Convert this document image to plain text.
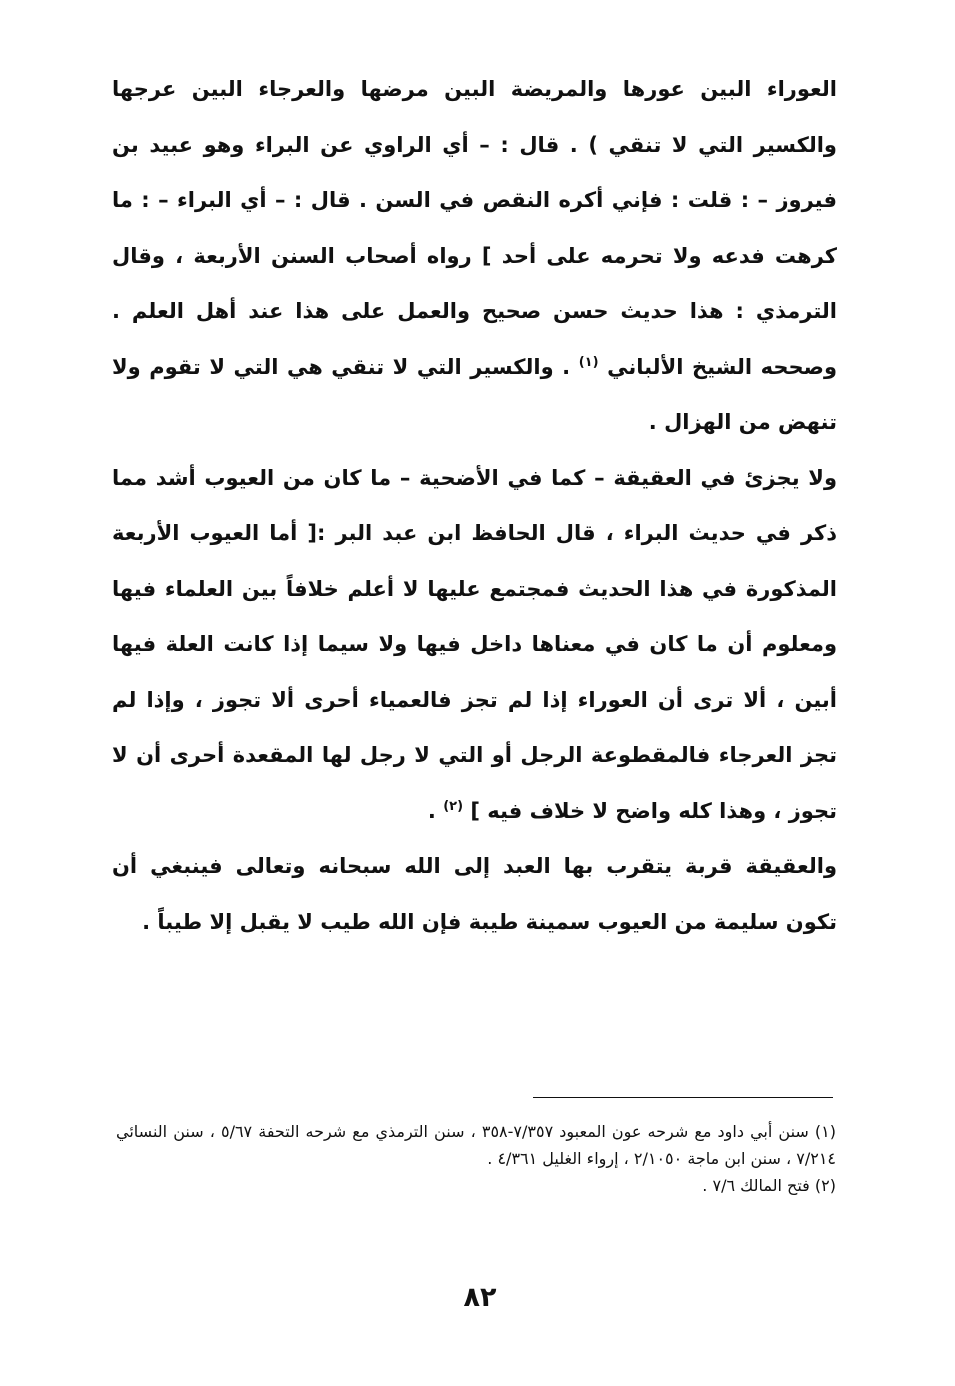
العوراء البين عورها والمريضة البين مرضها والعرجاء البين عرجها والكسير التي لا تنقي ) . قال : – أي الراوي عن البراء وهو عبيد بن فيروز – : قلت : فإني أكره النقص في السن . قال : – أي البراء – : ما كرهت فدعه ولا تحرمه على أحد ] رواه أصحاب السنن الأربعة ، وقال الترمذي : هذا حديث حسن صحيح والعمل على هذا عند أهل العلم . وصححه الشيخ الألباني $^{(١)}$ . والكسير التي لا تنقي هي التي لا تقوم ولا تنهض من الهزال .

ولا يجزئ في العقيقة – كما في الأضحية – ما كان من العيوب أشد مما ذكر في حديث البراء ، قال الحافظ ابن عبد البر :[ أما العيوب الأربعة المذكورة في هذا الحديث فمجتمع عليها لا أعلم خلافاً بين العلماء فيها ومعلوم أن ما كان في معناها داخل فيها ولا سيما إذا كانت العلة فيها أبين ، ألا ترى أن العوراء إذا لم تجز فالعمياء أحرى ألا تجوز ، وإذا لم تجز العرجاء فالمقطوعة الرجل أو التي لا رجل لها المقعدة أحرى أن لا تجوز ، وهذا كله واضح لا خلاف فيه ] $^{(٢)}$ .

والعقيقة قربة يتقرب بها العبد إلى الله سبحانه وتعالى فينبغي أن تكون سليمة من العيوب سمينة طيبة فإن الله طيب لا يقبل إلا طيباً .

(١) سنن أبي داود مع شرحه عون المعبود ٧/٣٥٧-٣٥٨ ، سنن الترمذي مع شرحه التحفة ٥/٦٧ ، سنن النسائي ٧/٢١٤ ، سنن ابن ماجة ٢/١٠٥٠ ، إرواء الغليل ٤/٣٦١ .

(٢) فتح المالك ٧/٦ .

٨٢
